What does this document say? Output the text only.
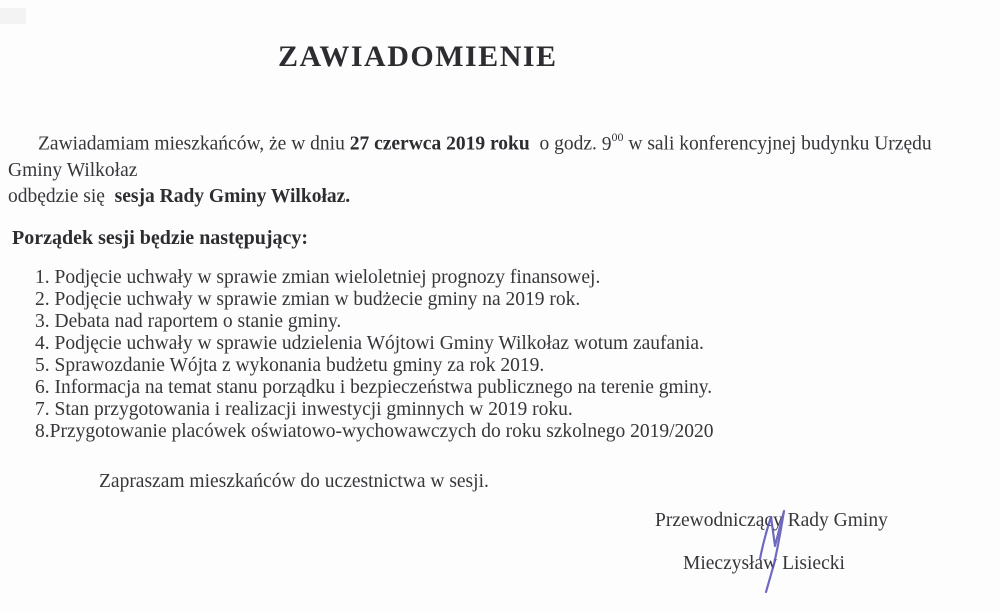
ZAWIADOMIENIE

Zawiadamiam mieszkańców, że w dniu 27 czerwca 2019 roku  o godz. $9^{00}$ w sali konferencyjnej budynku Urzędu Gminy Wilkołaz
odbędzie się  sesja Rady Gminy Wilkołaz.

Porządek sesji będzie następujący:
1. Podjęcie uchwały w sprawie zmian wieloletniej prognozy finansowej.
2. Podjęcie uchwały w sprawie zmian w budżecie gminy na 2019 rok.
3. Debata nad raportem o stanie gminy.
4. Podjęcie uchwały w sprawie udzielenia Wójtowi Gminy Wilkołaz wotum zaufania.
5. Sprawozdanie Wójta z wykonania budżetu gminy za rok 2019.
6. Informacja na temat stanu porządku i bezpieczeństwa publicznego na terenie gminy.
7. Stan przygotowania i realizacji inwestycji gminnych w 2019 roku.
8.Przygotowanie placówek oświatowo-wychowawczych do roku szkolnego 2019/2020
Zapraszam mieszkańców do uczestnictwa w sesji.
Przewodniczący Rady Gminy
Mieczysław Lisiecki
